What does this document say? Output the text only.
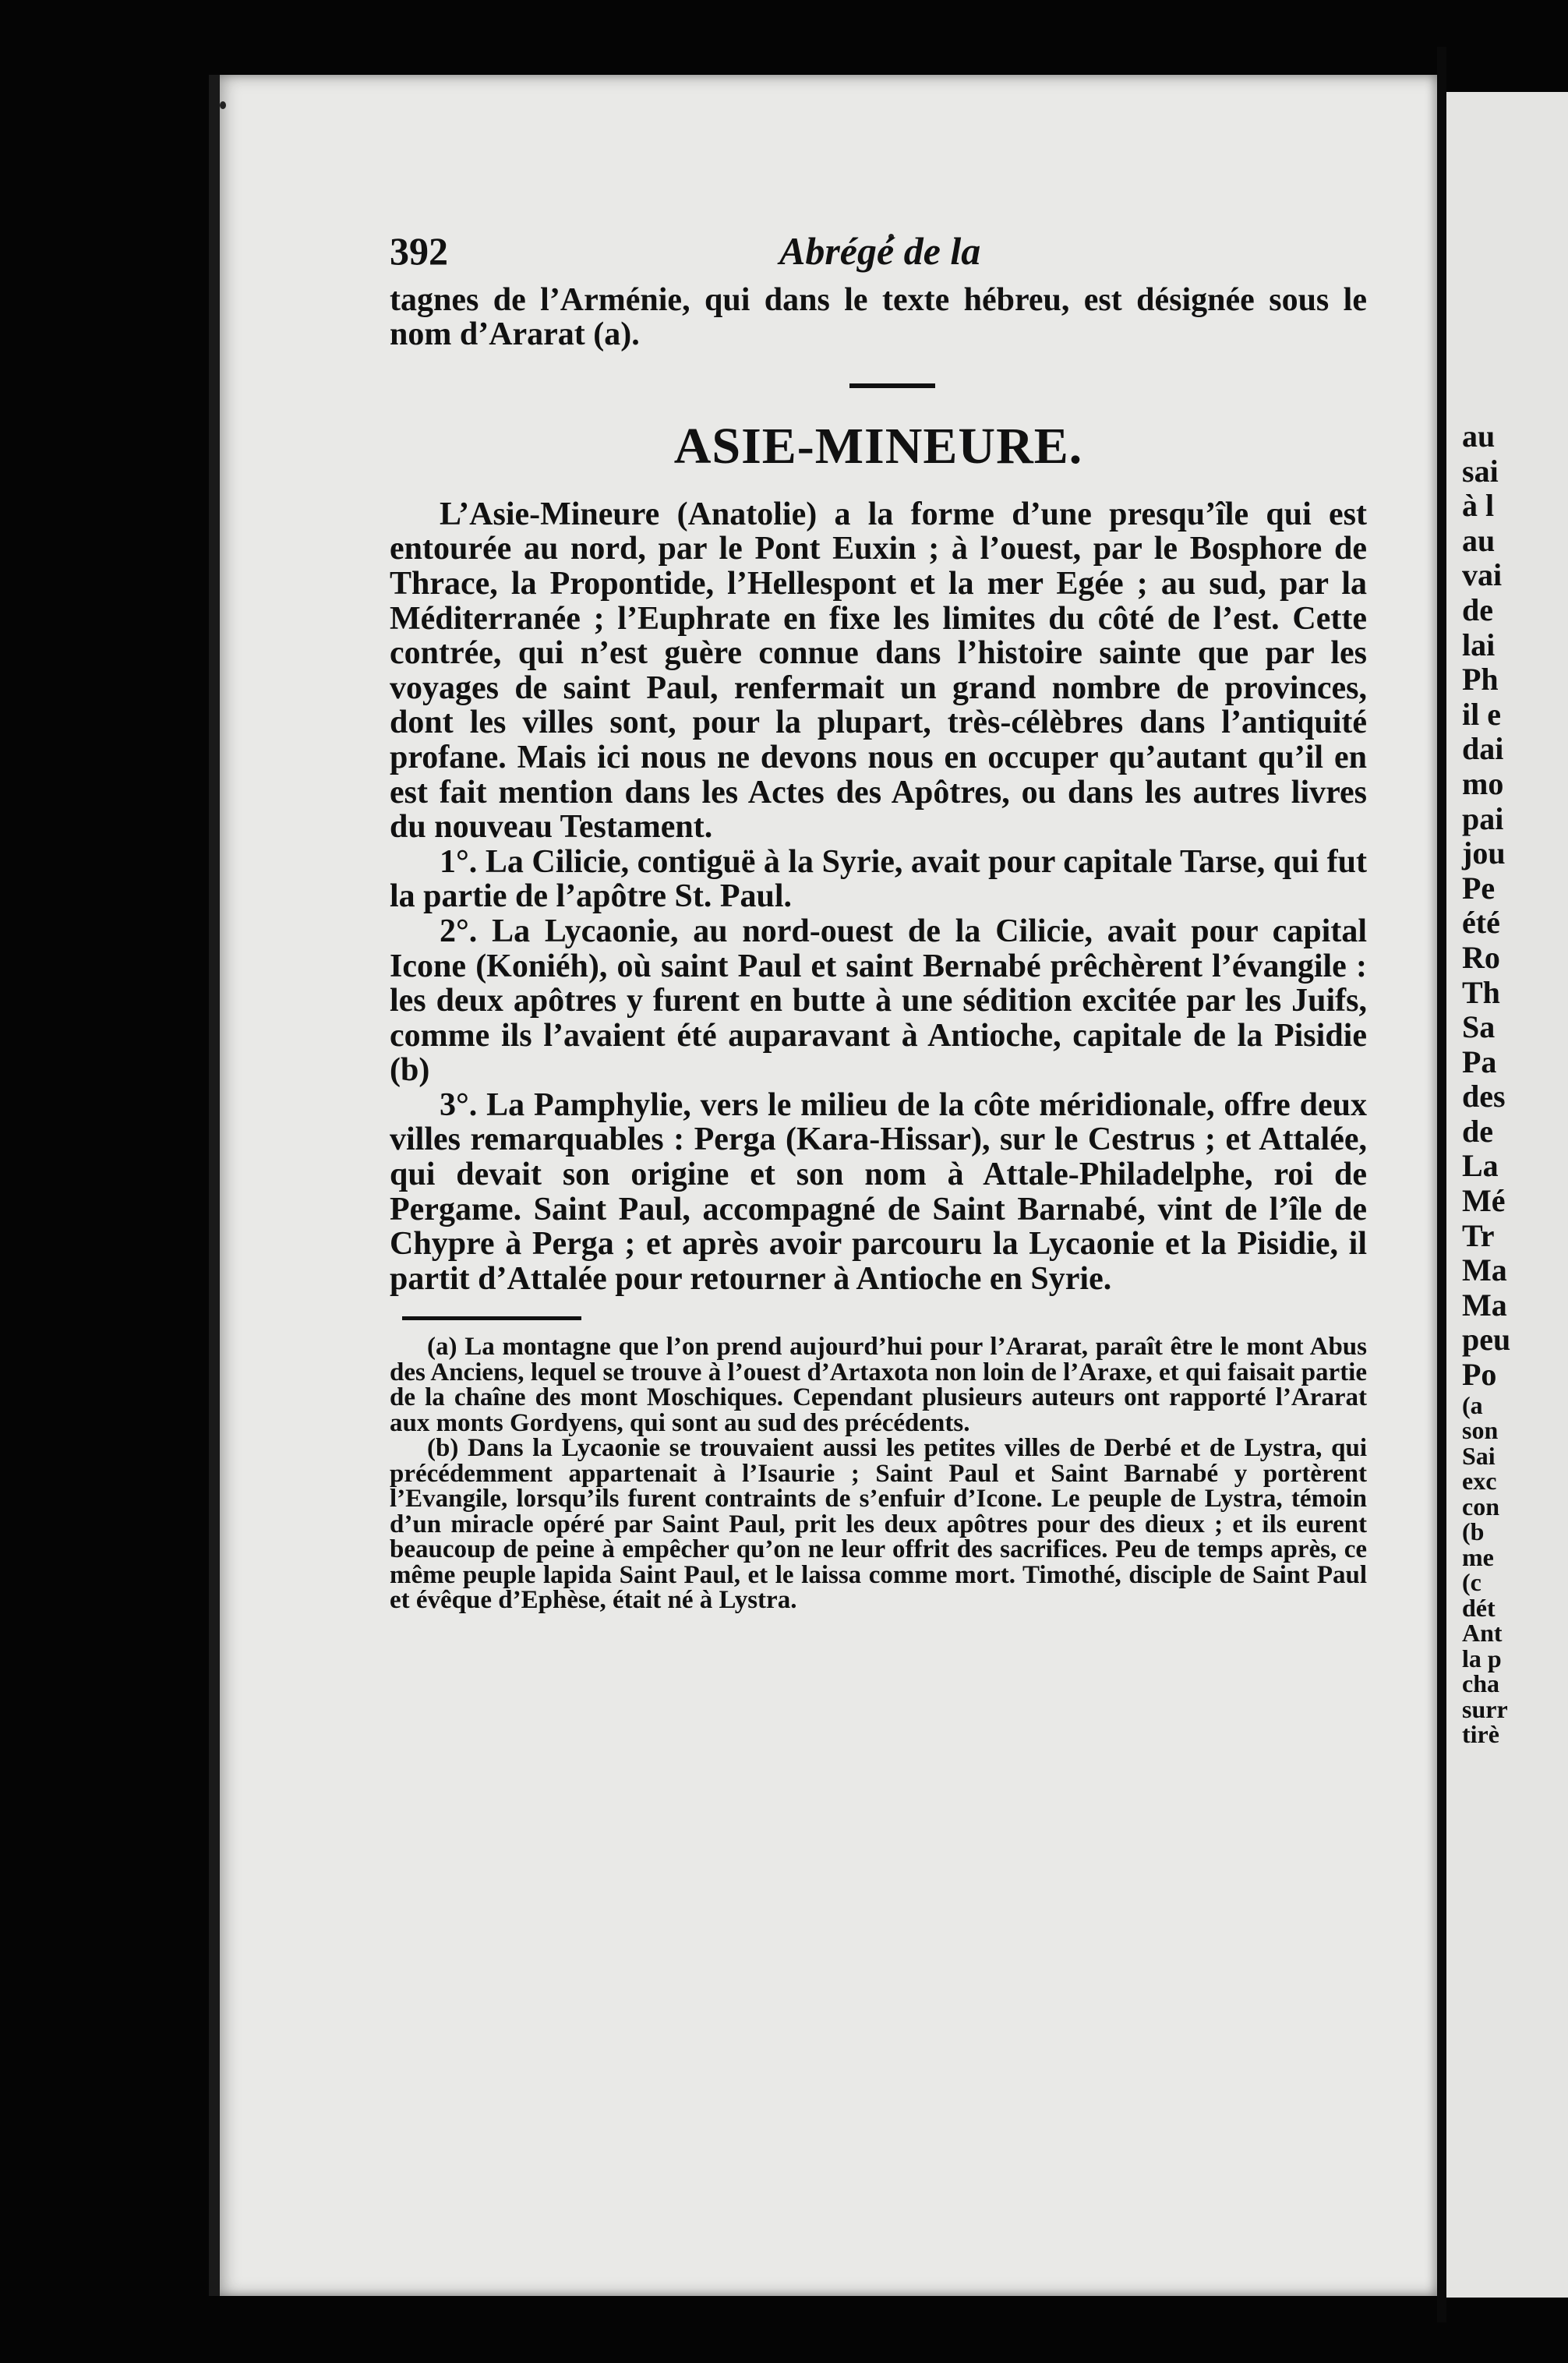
au
sai
à l
au
vai
de
lai
Ph
il e
dai
mo
pai
jou
Pe
été
Ro
Th
Sa
Pa
des
de
La
Mé
Tr
Ma
Ma
peu
Po
(a
son
Sai
exc
con
(b
me
(c
dét
Ant
la p
cha
surr
tirè
392	Abrégé de la

tagnes de l’Arménie, qui dans le texte hébreu, est désignée sous le nom d’Ararat (a).

ASIE-MINEURE.

L’Asie-Mineure (Anatolie) a la forme d’une presqu’île qui est entourée au nord, par le Pont Euxin ; à l’ouest, par le Bosphore de Thrace, la Propontide, l’Hellespont et la mer Egée ; au sud, par la Méditerranée ; l’Euphrate en fixe les limites du côté de l’est. Cette contrée, qui n’est guère connue dans l’histoire sainte que par les voyages de saint Paul, renfermait un grand nombre de provinces, dont les villes sont, pour la plupart, très-célèbres dans l’antiquité profane. Mais ici nous ne devons nous en occuper qu’autant qu’il en est fait mention dans les Actes des Apôtres, ou dans les autres livres du nouveau Testament.

1°. La Cilicie, contiguë à la Syrie, avait pour capitale Tarse, qui fut la partie de l’apôtre St. Paul.

2°. La Lycaonie, au nord-ouest de la Cilicie, avait pour capital Icone (Koniéh), où saint Paul et saint Bernabé prêchèrent l’évangile : les deux apôtres y furent en butte à une sédition excitée par les Juifs, comme ils l’avaient été auparavant à Antioche, capitale de la Pisidie (b)

3°. La Pamphylie, vers le milieu de la côte méridionale, offre deux villes remarquables : Perga (Kara-Hissar), sur le Cestrus ; et Attalée, qui devait son origine et son nom à Attale-Philadelphe, roi de Pergame. Saint Paul, accompagné de Saint Barnabé, vint de l’île de Chypre à Perga ; et après avoir parcouru la Lycaonie et la Pisidie, il partit d’Attalée pour retourner à Antioche en Syrie.

(a) La montagne que l’on prend aujourd’hui pour l’Ararat, paraît être le mont Abus des Anciens, lequel se trouve à l’ouest d’Artaxota non loin de l’Araxe, et qui faisait partie de la chaîne des mont Moschiques. Cependant plusieurs auteurs ont rapporté l’Ararat aux monts Gordyens, qui sont au sud des précédents.

(b) Dans la Lycaonie se trouvaient aussi les petites villes de Derbé et de Lystra, qui précédemment appartenait à l’Isaurie ; Saint Paul et Saint Barnabé y portèrent l’Evangile, lorsqu’ils furent contraints de s’enfuir d’Icone. Le peuple de Lystra, témoin d’un miracle opéré par Saint Paul, prit les deux apôtres pour des dieux ; et ils eurent beaucoup de peine à empêcher qu’on ne leur offrit des sacrifices. Peu de temps après, ce même peuple lapida Saint Paul, et le laissa comme mort. Timothé, disciple de Saint Paul et évêque d’Ephèse, était né à Lystra.
